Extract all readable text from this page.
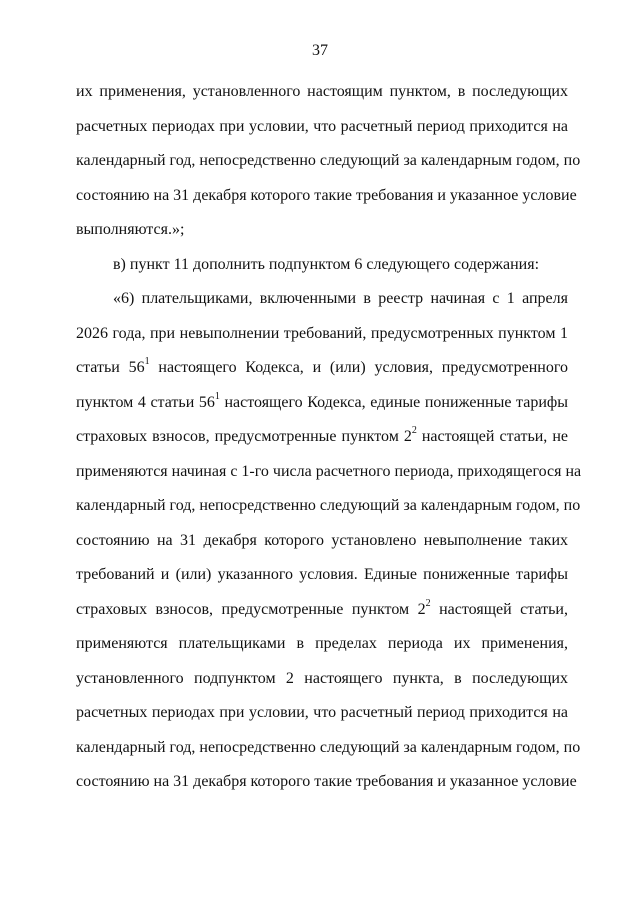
37
их применения, установленного настоящим пунктом, в последующих
расчетных периодах при условии, что расчетный период приходится на
календарный год, непосредственно следующий за календарным годом, по
состоянию на 31 декабря которого такие требования и указанное условие
выполняются.»;
в) пункт 11 дополнить подпунктом 6 следующего содержания:
«6) плательщиками, включенными в реестр начиная с 1 апреля
2026 года, при невыполнении требований, предусмотренных пунктом 1
статьи $56^1$ настоящего Кодекса, и (или) условия, предусмотренного
пунктом 4 статьи $56^1$ настоящего Кодекса, единые пониженные тарифы
страховых взносов, предусмотренные пунктом $2^2$ настоящей статьи, не
применяются начиная с 1-го числа расчетного периода, приходящегося на
календарный год, непосредственно следующий за календарным годом, по
состоянию на 31 декабря которого установлено невыполнение таких
требований и (или) указанного условия. Единые пониженные тарифы
страховых взносов, предусмотренные пунктом $2^2$ настоящей статьи,
применяются плательщиками в пределах периода их применения,
установленного подпунктом 2 настоящего пункта, в последующих
расчетных периодах при условии, что расчетный период приходится на
календарный год, непосредственно следующий за календарным годом, по
состоянию на 31 декабря которого такие требования и указанное условие
